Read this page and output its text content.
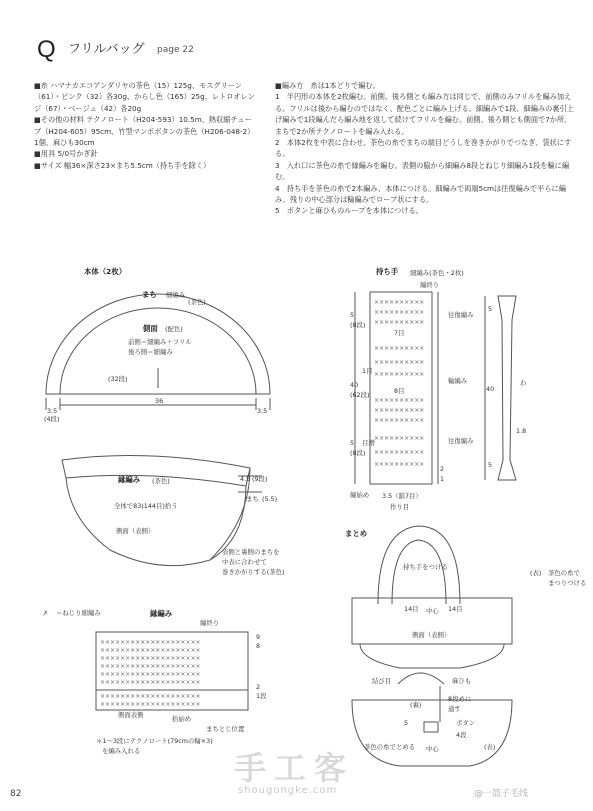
Q フリルバッグ page 22

■糸 ハマナカエコアンダリヤの茶色（15）125g、モスグリーン（61）・ピンク（32）各30g、からし色（165）25g、レトロオレンジ（67）・ベージュ（42）各20g

■その他の材料 テクノロート（H204-593）10.5m、熱収縮チューブ（H204-605）95cm、竹型マンボボタンの茶色（H206-048-2）1個、麻ひも30cm

■用具 5/0号かぎ針

■サイズ 幅36×深さ23×まち5.5cm（持ち手を除く）

■編み方　糸は1本どりで編む。

1　半円形の本体を2枚編む。前側、後ろ側とも編み方は同じで、前側のみフリルを編み加える。フリルは後から編むのではなく、配色ごとに編み上げる。細編みで1段、細編みの裏引上げ編みで1段編んだら編み地を返して続けてフリルを編む。前側、後ろ側とも側面で7か所、まちで2か所テクノロートを編み入れる。

2　本体2枚を中表に合わせ、茶色の糸でまちの端目どうしを巻きかがりでつなぎ、袋状にする。

3　入れ口に茶色の糸で縁編みを編む。表側の脇から細編み8段とねじり細編み1段を輪に編む。

4　持ち手を茶色の糸で2本編み、本体につける。細編みで両端5cmは往復編みで平らに編み、残りの中心部分は輪編みでロープ状にする。

5　ボタンと麻ひものループを本体につける。

××××××××××××××××××××
××××××××××××××××××××
××××××××××××××××××××
××××××××××××××××××××
××××××××××××××××××××
××××××××××××××××××××
××××××××××××××××××××
××××××××××××××××××××
××××××××××
××××××××××
××××××××××
××××××××××
××××××××××
××××××××××
××××××××××
××××××××××
××××××××××
××××××××××
××××××××××
××××××××××
本体（2枚）
まち 細編み
(茶色)
側面 (配色)
前側＝細編み＋フリル
後ろ側＝細編み
(32段)
36
3.5
(4段)
3.5
縁編み (茶色)
全体で83(144目)拾う
4.5 (9段)
まち (5.5)
側面（表側）
表側と裏側のまちを
中表に合わせて
巻きかがりする(茶色)
持ち手 細編み(茶色・2枚)
編終り
7目
8目
往復編み
輪編み
往復編み
5
(8段)
40
(62段)
5
(8段)
1目
目増
編始め 3.5（鎖7目）
作り目
2
1
5
40
わ
1.8
5
まとめ
持ち手をつける
14目 中心 14目
側面（表側）
(表) 茶色の糸で
まつりつける
結び目	麻ひも
8段めに
通す
(裏)
ボタン
4段
5
茶色の糸でとめる 中心	(表)
ꭗ ＝ねじり細編み	縁編み
編終り
9
8
2
1段
側面表側	拾始め
まちとじ位置
＊1〜3段にテクノロート(79cmの輪×3)
を編み入れる	手工客
shougongke.com	@一篮子毛线
82
